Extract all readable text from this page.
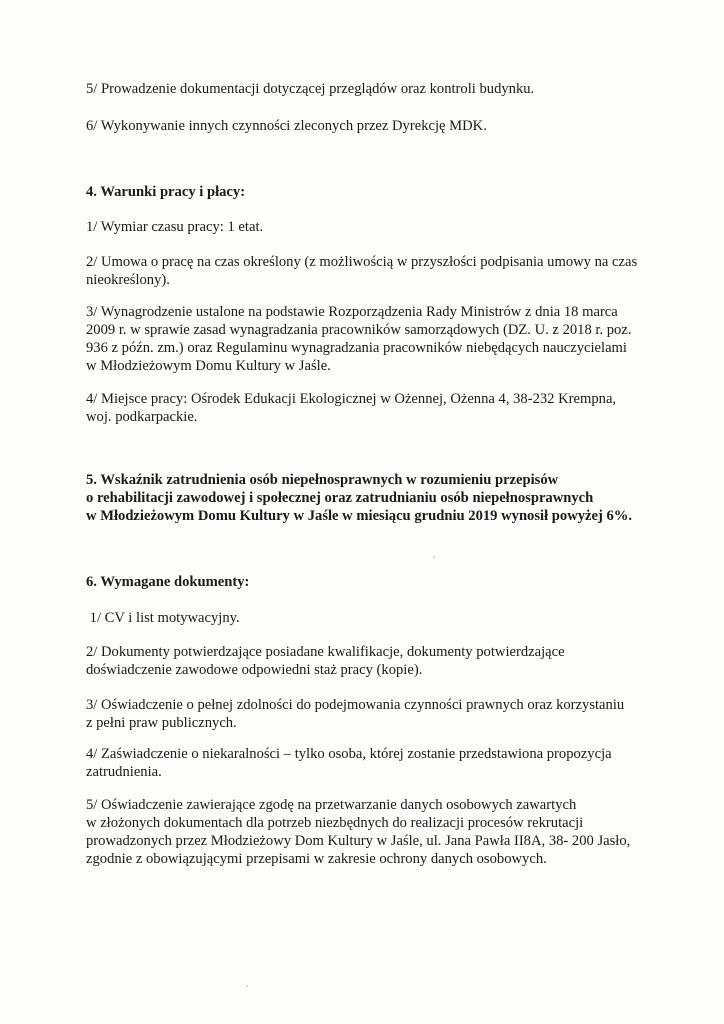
5/ Prowadzenie dokumentacji dotyczącej przeglądów oraz kontroli budynku.

6/ Wykonywanie innych czynności zleconych przez Dyrekcję MDK.

4. Warunki pracy i płacy:

1/ Wymiar czasu pracy: 1 etat.

2/ Umowa o pracę na czas określony (z możliwością w przyszłości podpisania umowy na czas

nieokreślony).

3/ Wynagrodzenie ustalone na podstawie Rozporządzenia Rady Ministrów z dnia 18 marca

2009 r. w sprawie zasad wynagradzania pracowników samorządowych (DZ. U. z 2018 r. poz.

936 z późn. zm.) oraz Regulaminu wynagradzania pracowników niebędących nauczycielami

w Młodzieżowym Domu Kultury w Jaśle.

4/ Miejsce pracy: Ośrodek Edukacji Ekologicznej w Ożennej, Ożenna 4, 38-232 Krempna,

woj. podkarpackie.

5. Wskaźnik zatrudnienia osób niepełnosprawnych w rozumieniu przepisów

o rehabilitacji zawodowej i społecznej oraz zatrudnianiu osób niepełnosprawnych

w Młodzieżowym Domu Kultury w Jaśle w miesiącu grudniu 2019 wynosił powyżej 6%.

6. Wymagane dokumenty:

1/ CV i list motywacyjny.

2/ Dokumenty potwierdzające posiadane kwalifikacje, dokumenty potwierdzające

doświadczenie zawodowe odpowiedni staż pracy (kopie).

3/ Oświadczenie o pełnej zdolności do podejmowania czynności prawnych oraz korzystaniu

z pełni praw publicznych.

4/ Zaświadczenie o niekaralności – tylko osoba, której zostanie przedstawiona propozycja

zatrudnienia.

5/ Oświadczenie zawierające zgodę na przetwarzanie danych osobowych zawartych

w złożonych dokumentach dla potrzeb niezbędnych do realizacji procesów rekrutacji

prowadzonych przez Młodzieżowy Dom Kultury w Jaśle, ul. Jana Pawła II8A, 38- 200 Jasło,

zgodnie z obowiązującymi przepisami w zakresie ochrony danych osobowych.
